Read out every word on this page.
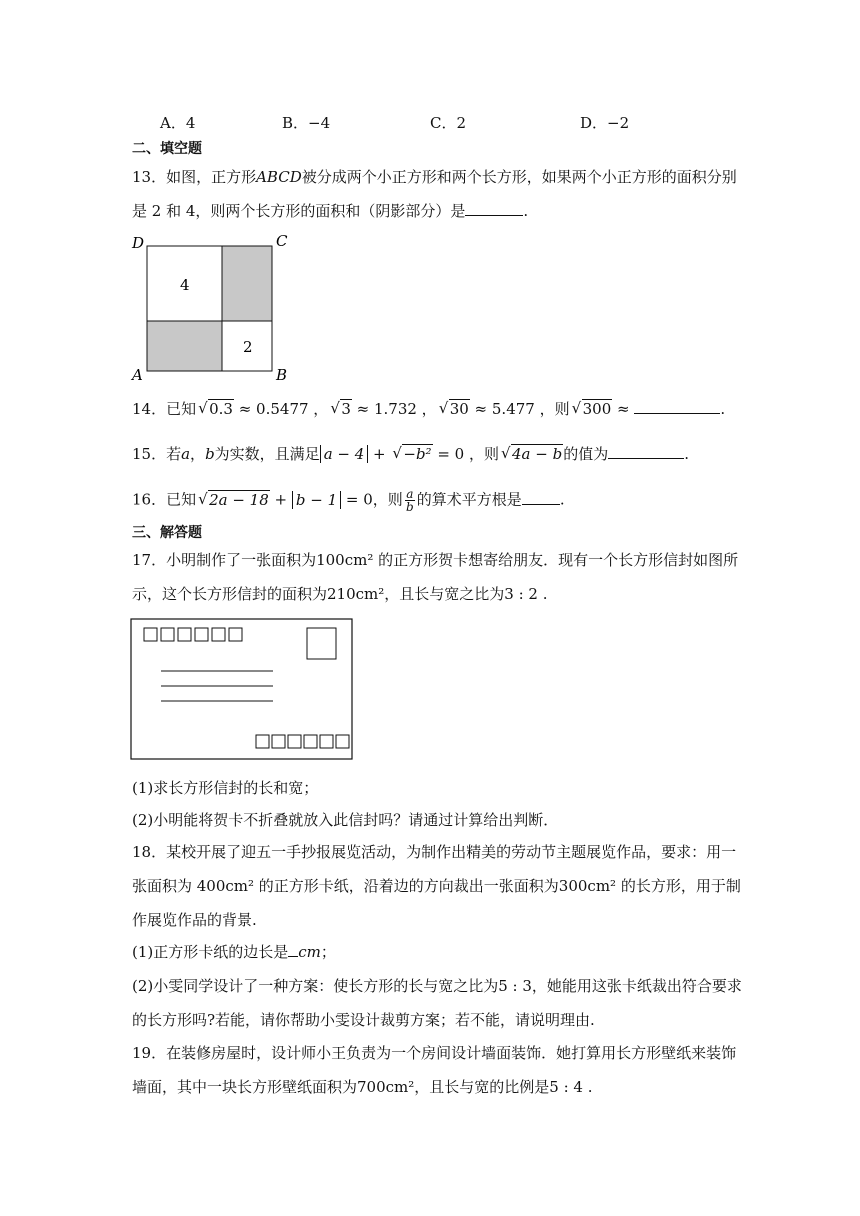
A．4	B．−4	C．2	D．−2
二、填空题
13．如图，正方形ABCD被分成两个小正方形和两个长方形，如果两个小正方形的面积分别
是 2 和 4，则两个长方形的面积和（阴影部分）是	.
D	C
A	B
4
2
14．已知 √ 0.3 ≈ 0.5477 ， √ 3 ≈ 1.732 ， √ 30 ≈ 5.477 ，则 √ 300 ≈	.
15．若a，b为实数，且满足 a − 4 + √ −b² = 0 ，则 √ 4a − b的值为	.
16．已知 √ 2a − 18 + b − 1 = 0，则 $\frac{a}{b}$ 的算术平方根是	.
三、解答题
17．小明制作了一张面积为100cm² 的正方形贺卡想寄给朋友．现有一个长方形信封如图所
示，这个长方形信封的面积为210cm²，且长与宽之比为3 : 2 .
(1)求长方形信封的长和宽；
(2)小明能将贺卡不折叠就放入此信封吗？请通过计算给出判断．
18．某校开展了迎五一手抄报展览活动，为制作出精美的劳动节主题展览作品，要求：用一
张面积为 400cm² 的正方形卡纸，沿着边的方向裁出一张面积为300cm² 的长方形，用于制
作展览作品的背景.
(1)正方形卡纸的边长是 cm；
(2)小雯同学设计了一种方案：使长方形的长与宽之比为5 : 3，她能用这张卡纸裁出符合要求
的长方形吗?若能，请你帮助小雯设计裁剪方案；若不能，请说明理由.
19．在装修房屋时，设计师小王负责为一个房间设计墙面装饰．她打算用长方形壁纸来装饰
墙面，其中一块长方形壁纸面积为700cm²，且长与宽的比例是5 : 4 .
